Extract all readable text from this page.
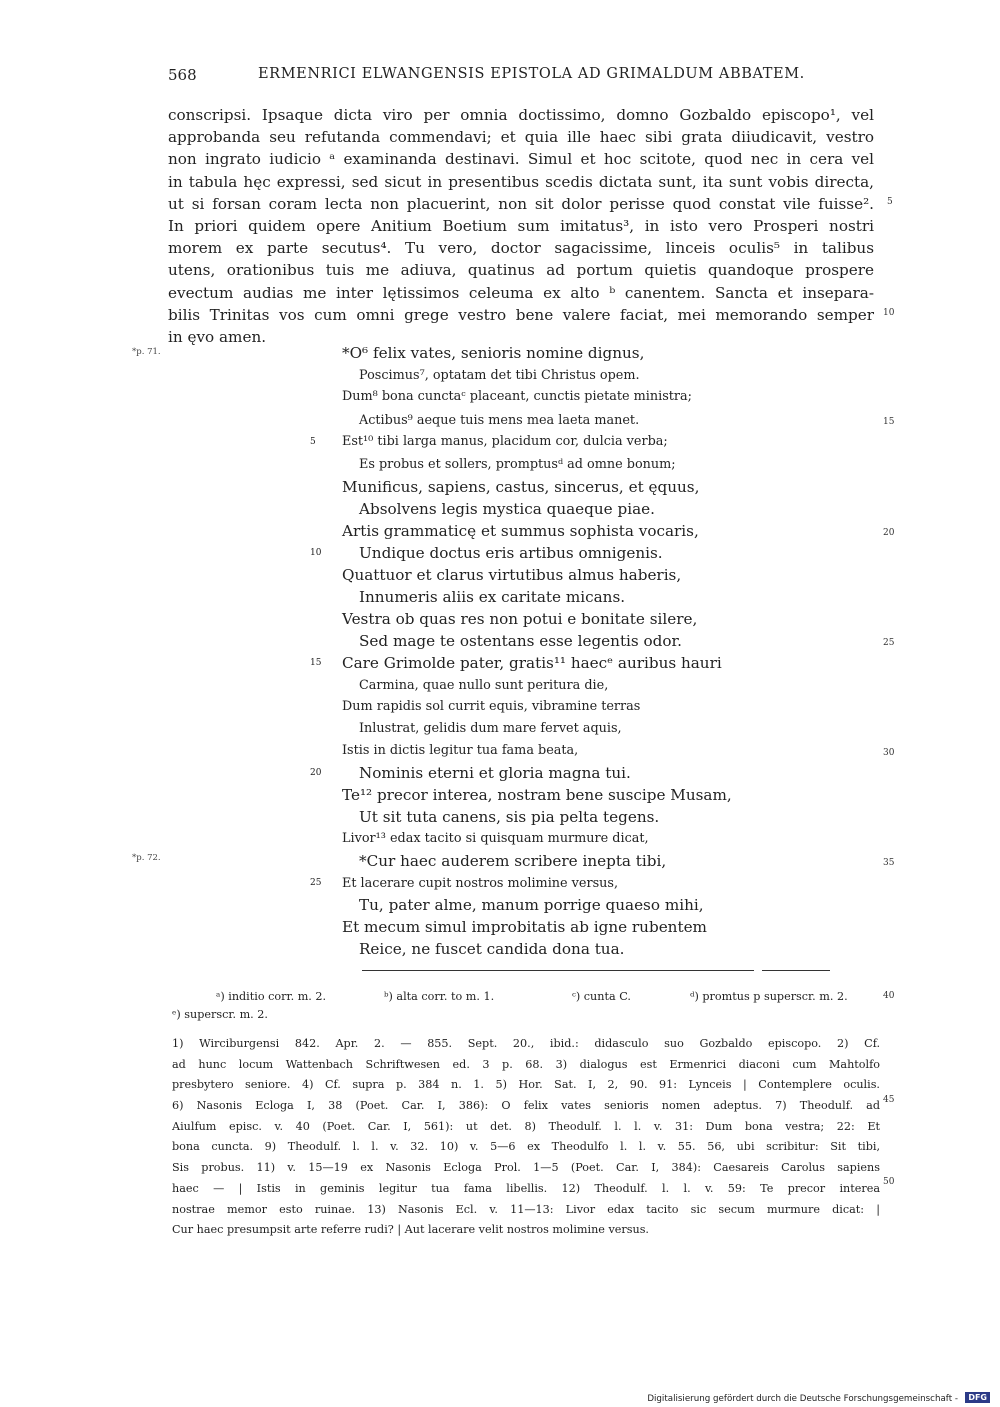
568	ERMENRICI ELWANGENSIS EPISTOLA AD GRIMALDUM ABBATEM.
conscripsi. Ipsaque dicta viro per omnia doctissimo, domno Gozbaldo episcopo¹, vel
approbanda seu refutanda commendavi; et quia ille haec sibi grata diiudicavit, vestro
non ingrato iudicio ᵃ examinanda destinavi. Simul et hoc scitote, quod nec in cera vel
in tabula hęc expressi, sed sicut in presentibus scedis dictata sunt, ita sunt vobis directa,
ut si forsan coram lecta non placuerint, non sit dolor perisse quod constat vile fuisse².
In priori quidem opere Anitium Boetium sum imitatus³, in isto vero Prosperi nostri
morem ex parte secutus⁴. Tu vero, doctor sagacissime, linceis oculis⁵ in talibus
utens, orationibus tuis me adiuva, quatinus ad portum quietis quandoque prospere
evectum audias me inter lętissimos celeuma ex alto ᵇ canentem. Sancta et insepara-
bilis Trinitas vos cum omni grege vestro bene valere faciat, mei memorando semper
in ęvo amen.
5
10
15
20
25
30
35
40
45
50
*p. 71.
*p. 72.
*O⁶ felix vates, senioris nomine dignus,
Poscimus⁷, optatam det tibi Christus opem.
Dum⁸ bona cunctaᶜ placeant, cunctis pietate ministra;
Actibus⁹ aeque tuis mens mea laeta manet.
Est¹⁰ tibi larga manus, placidum cor, dulcia verba;
5
Es probus et sollers, promptusᵈ ad omne bonum;
Munificus, sapiens, castus, sincerus, et ęquus,
Absolvens legis mystica quaeque piae.
Artis grammaticę et summus sophista vocaris,
Undique doctus eris artibus omnigenis.
10
Quattuor et clarus virtutibus almus haberis,
Innumeris aliis ex caritate micans.
Vestra ob quas res non potui e bonitate silere,
Sed mage te ostentans esse legentis odor.
Care Grimolde pater, gratis¹¹ haecᵉ auribus hauri
15
Carmina, quae nullo sunt peritura die,
Dum rapidis sol currit equis, vibramine terras
Inlustrat, gelidis dum mare fervet aquis,
Istis in dictis legitur tua fama beata,
Nominis eterni et gloria magna tui.
20
Te¹² precor interea, nostram bene suscipe Musam,
Ut sit tuta canens, sis pia pelta tegens.
Livor¹³ edax tacito si quisquam murmure dicat,
*Cur haec auderem scribere inepta tibi,
Et lacerare cupit nostros molimine versus,
25
Tu, pater alme, manum porrige quaeso mihi,
Et mecum simul improbitatis ab igne rubentem
Reice, ne fuscet candida dona tua.
ᵃ) inditio corr. m. 2.	ᵇ) alta corr. to m. 1.	ᶜ) cunta C.	ᵈ) promtus p superscr. m. 2.
ᵉ) superscr. m. 2.
1) Wirciburgensi 842. Apr. 2. — 855. Sept. 20., ibid.: didasculo suo Gozbaldo episcopo. 2) Cf.
ad hunc locum Wattenbach Schriftwesen ed. 3 p. 68. 3) dialogus est Ermenrici diaconi cum Mahtolfo
presbytero seniore. 4) Cf. supra p. 384 n. 1. 5) Hor. Sat. I, 2, 90. 91: Lynceis | Contemplere oculis.
6) Nasonis Ecloga I, 38 (Poet. Car. I, 386): O felix vates senioris nomen adeptus. 7) Theodulf. ad
Aiulfum episc. v. 40 (Poet. Car. I, 561): ut det. 8) Theodulf. l. l. v. 31: Dum bona vestra; 22: Et
bona cuncta. 9) Theodulf. l. l. v. 32. 10) v. 5—6 ex Theodulfo l. l. v. 55. 56, ubi scribitur: Sit tibi,
Sis probus. 11) v. 15—19 ex Nasonis Ecloga Prol. 1—5 (Poet. Car. I, 384): Caesareis Carolus sapiens
haec — | Istis in geminis legitur tua fama libellis. 12) Theodulf. l. l. v. 59: Te precor interea
nostrae memor esto ruinae. 13) Nasonis Ecl. v. 11—13: Livor edax tacito sic secum murmure dicat: |
Cur haec presumpsit arte referre rudi? | Aut lacerare velit nostros molimine versus.
Digitalisierung gefördert durch die Deutsche Forschungsgemeinschaft -	DFG
